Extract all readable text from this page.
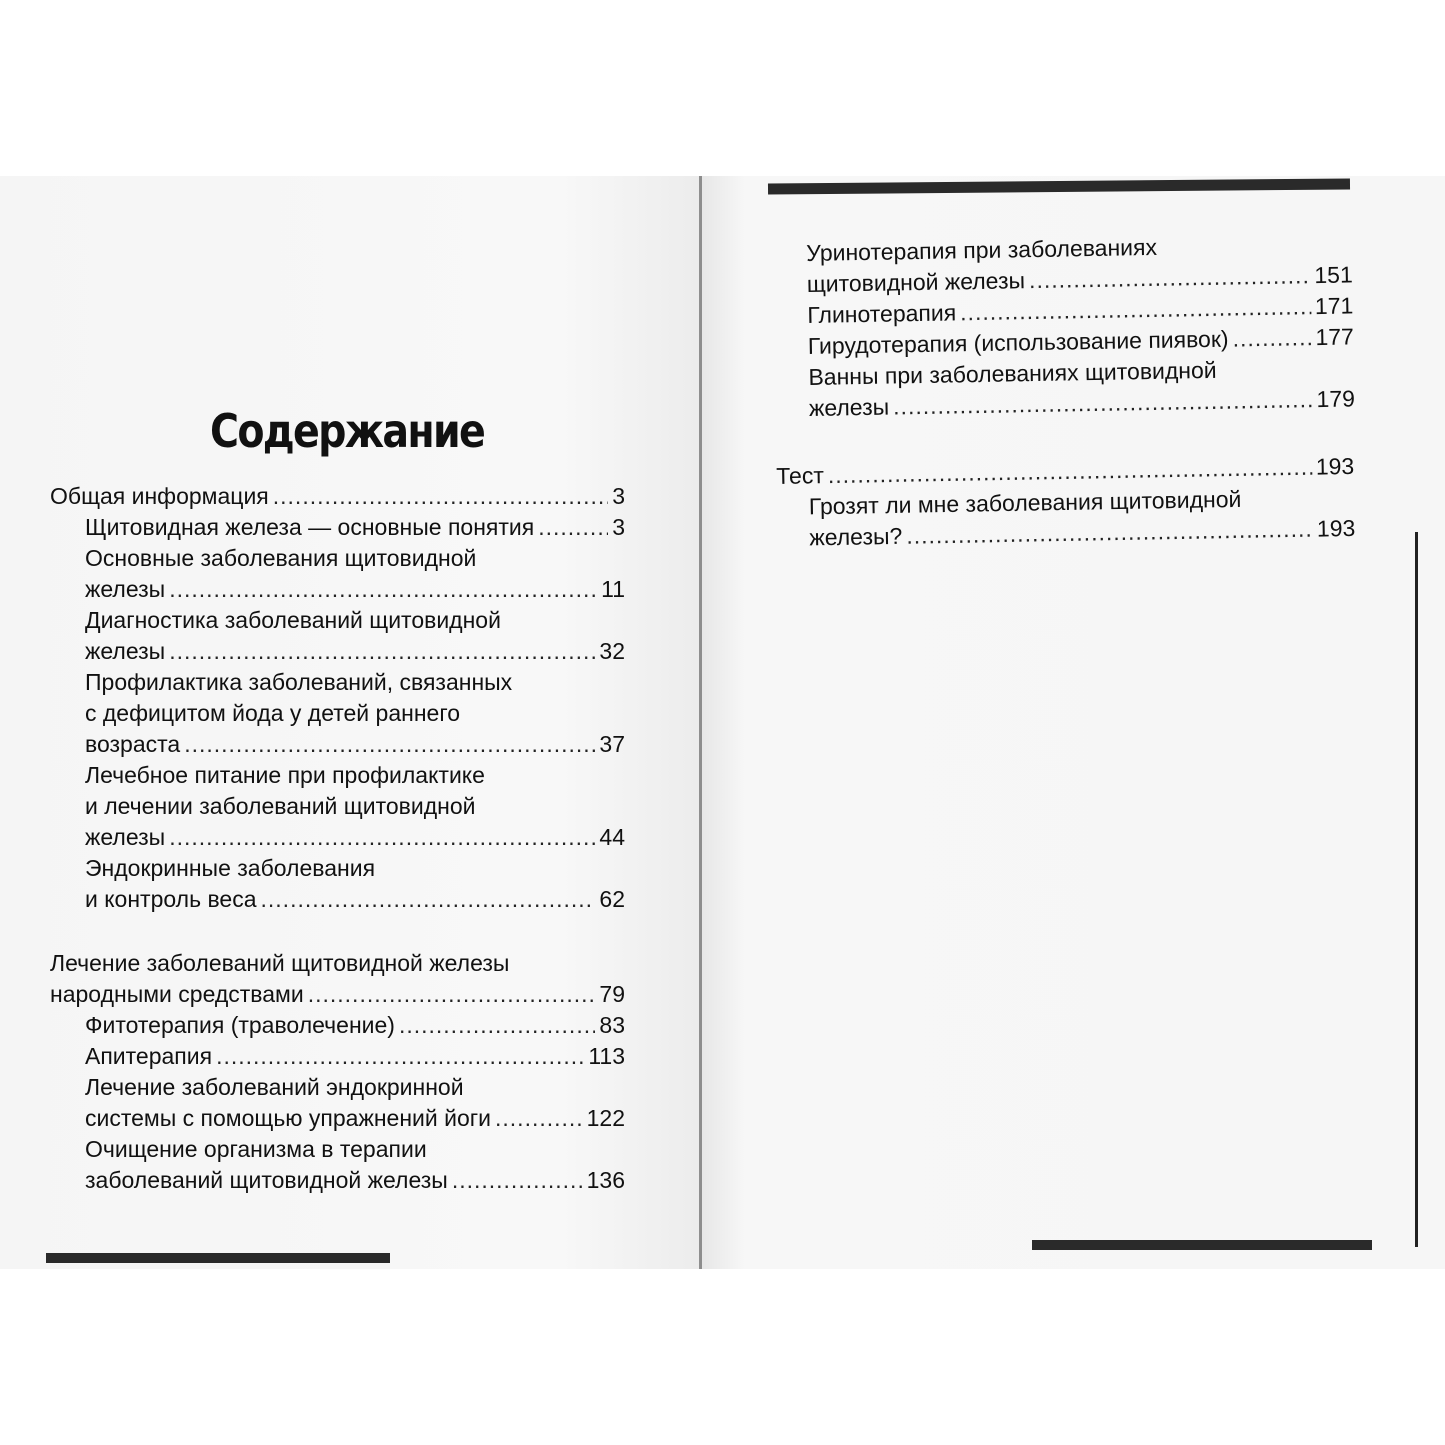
Содержание
Общая информация .....	3
Щитовидная железа — основные понятия .....	3
Основные заболевания щитовидной
железы .....	11
Диагностика заболеваний щитовидной
железы .....	32
Профилактика заболеваний, связанных
с дефицитом йода у детей раннего
возраста .....	37
Лечебное питание при профилактике
и лечении заболеваний щитовидной
железы .....	44
Эндокринные заболевания
и контроль веса .....	62
Лечение заболеваний щитовидной железы
народными средствами .....	79
Фитотерапия (траволечение) .....	83
Апитерапия .....	113
Лечение заболеваний эндокринной
системы с помощью упражнений йоги .....	122
Очищение организма в терапии
заболеваний щитовидной железы .....	136
Уринотерапия при заболеваниях
щитовидной железы .....	151
Глинотерапия .....	171
Гирудотерапия (использование пиявок) .....	177
Ванны при заболеваниях щитовидной
железы .....	179
Тест .....	193
Грозят ли мне заболевания щитовидной
железы? .....	193
